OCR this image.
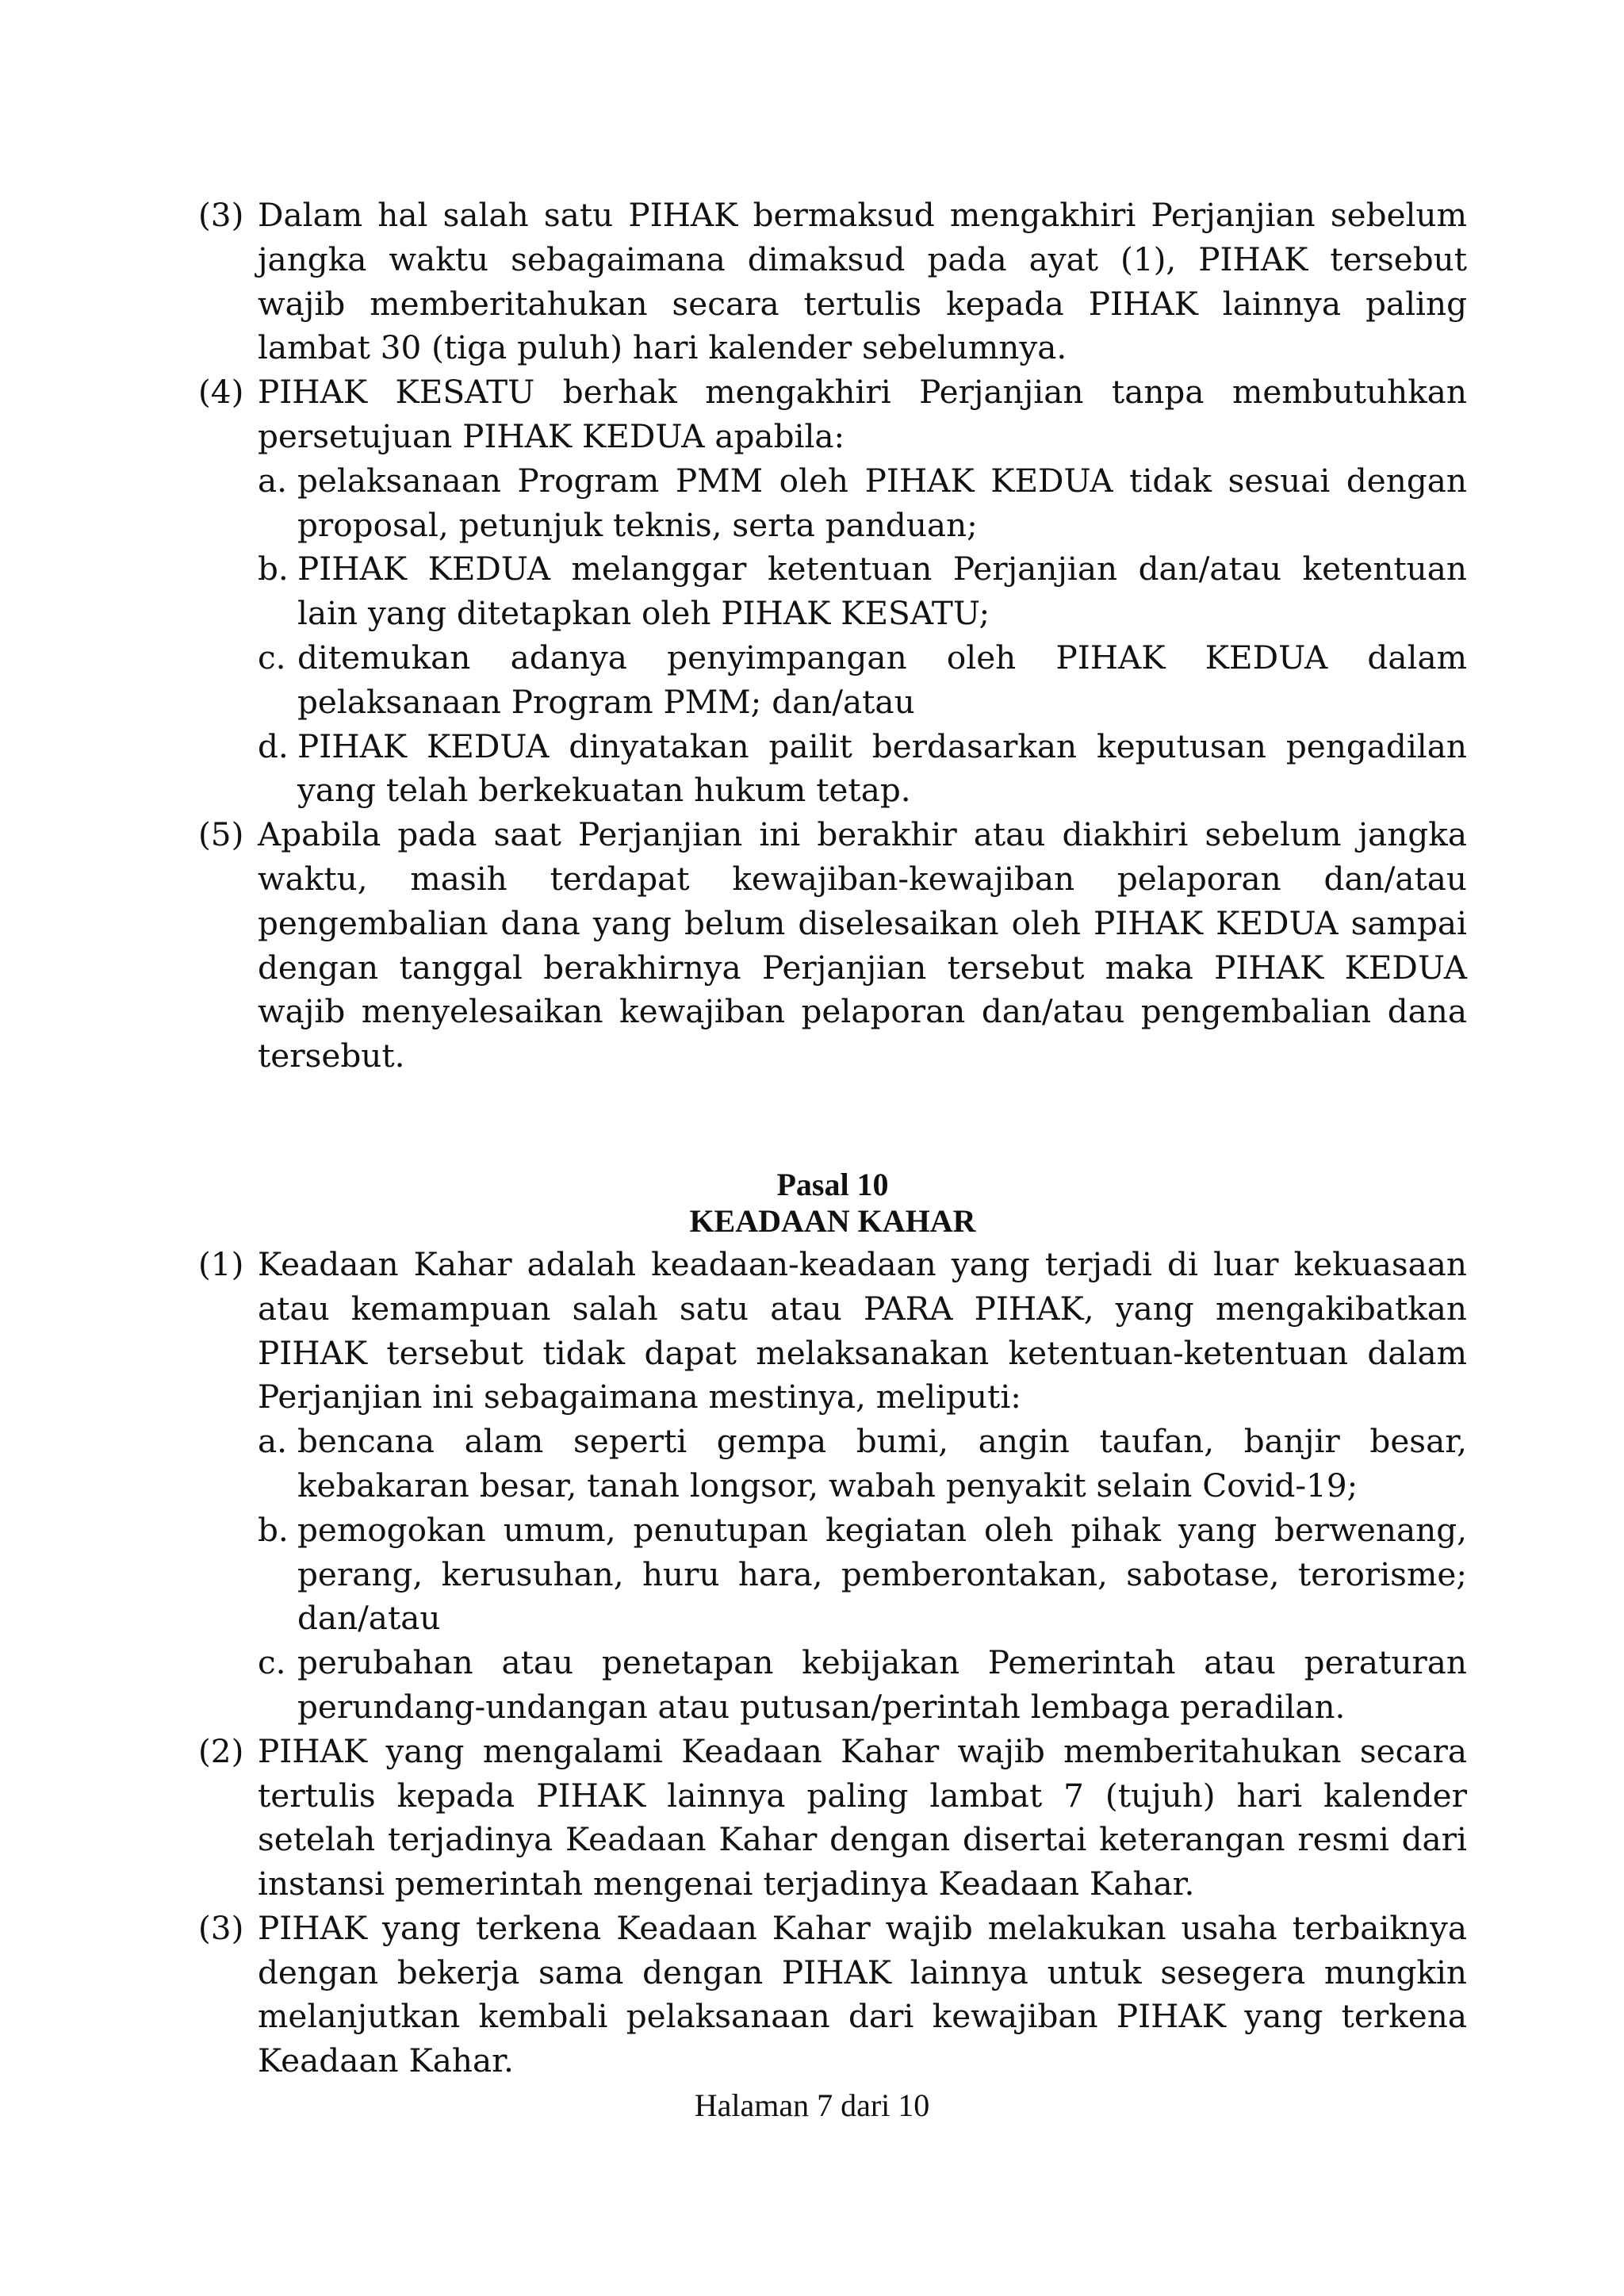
(3) Dalam hal salah satu PIHAK bermaksud mengakhiri Perjanjian sebelum jangka waktu sebagaimana dimaksud pada ayat (1), PIHAK tersebut wajib memberitahukan secara tertulis kepada PIHAK lainnya paling lambat 30 (tiga puluh) hari kalender sebelumnya.
(4) PIHAK KESATU berhak mengakhiri Perjanjian tanpa membutuhkan persetujuan PIHAK KEDUA apabila:
a. pelaksanaan Program PMM oleh PIHAK KEDUA tidak sesuai dengan proposal, petunjuk teknis, serta panduan;
b. PIHAK KEDUA melanggar ketentuan Perjanjian dan/atau ketentuan lain yang ditetapkan oleh PIHAK KESATU;
c. ditemukan adanya penyimpangan oleh PIHAK KEDUA dalam pelaksanaan Program PMM; dan/atau
d. PIHAK KEDUA dinyatakan pailit berdasarkan keputusan pengadilan yang telah berkekuatan hukum tetap.
(5) Apabila pada saat Perjanjian ini berakhir atau diakhiri sebelum jangka waktu, masih terdapat kewajiban-kewajiban pelaporan dan/atau pengembalian dana yang belum diselesaikan oleh PIHAK KEDUA sampai dengan tanggal berakhirnya Perjanjian tersebut maka PIHAK KEDUA wajib menyelesaikan kewajiban pelaporan dan/atau pengembalian dana tersebut.
Pasal 10
KEADAAN KAHAR
(1) Keadaan Kahar adalah keadaan-keadaan yang terjadi di luar kekuasaan atau kemampuan salah satu atau PARA PIHAK, yang mengakibatkan PIHAK tersebut tidak dapat melaksanakan ketentuan-ketentuan dalam Perjanjian ini sebagaimana mestinya, meliputi:
a. bencana alam seperti gempa bumi, angin taufan, banjir besar, kebakaran besar, tanah longsor, wabah penyakit selain Covid-19;
b. pemogokan umum, penutupan kegiatan oleh pihak yang berwenang, perang, kerusuhan, huru hara, pemberontakan, sabotase, terorisme; dan/atau
c. perubahan atau penetapan kebijakan Pemerintah atau peraturan perundang-undangan atau putusan/perintah lembaga peradilan.
(2) PIHAK yang mengalami Keadaan Kahar wajib memberitahukan secara tertulis kepada PIHAK lainnya paling lambat 7 (tujuh) hari kalender setelah terjadinya Keadaan Kahar dengan disertai keterangan resmi dari instansi pemerintah mengenai terjadinya Keadaan Kahar.
(3) PIHAK yang terkena Keadaan Kahar wajib melakukan usaha terbaiknya dengan bekerja sama dengan PIHAK lainnya untuk sesegera mungkin melanjutkan kembali pelaksanaan dari kewajiban PIHAK yang terkena Keadaan Kahar.
Halaman 7 dari 10
